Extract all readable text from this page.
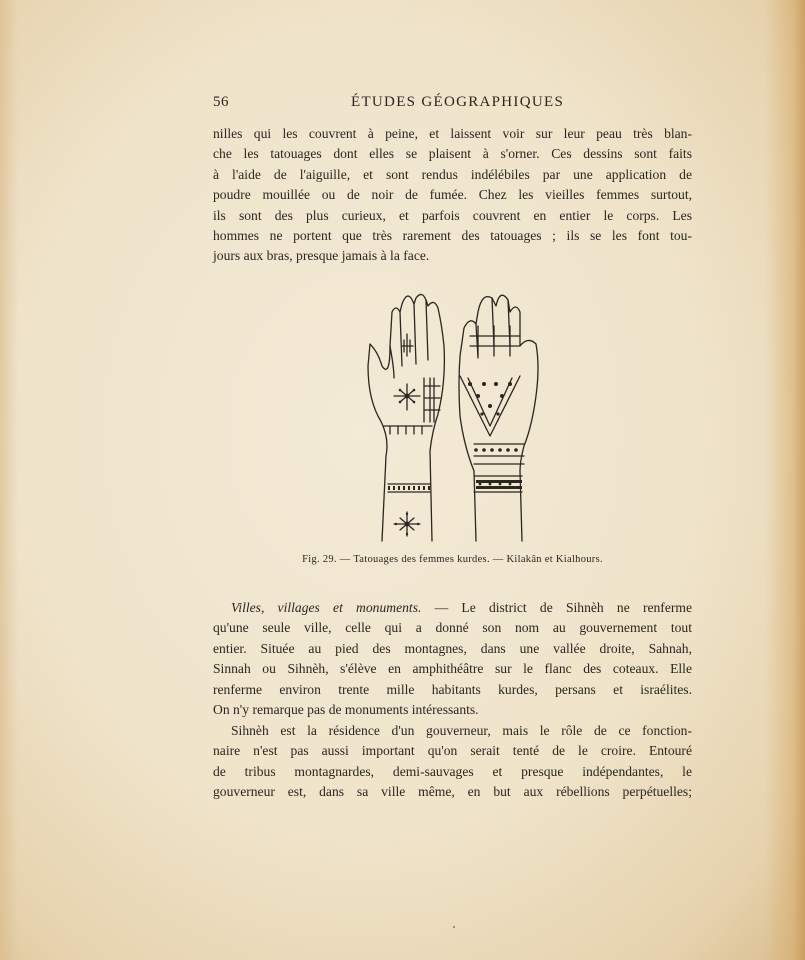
56	ÉTUDES GÉOGRAPHIQUES
nilles qui les couvrent à peine, et laissent voir sur leur peau très blan-
che les tatouages dont elles se plaisent à s'orner. Ces dessins sont faits
à l'aide de l'aiguille, et sont rendus indélébiles par une application de
poudre mouillée ou de noir de fumée. Chez les vieilles femmes surtout,
ils sont des plus curieux, et parfois couvrent en entier le corps. Les
hommes ne portent que très rarement des tatouages ; ils se les font tou-
jours aux bras, presque jamais à la face.
Fig. 29. — Tatouages des femmes kurdes. — Kilakân et Kialhours.
Villes, villages et monuments. — Le district de Sihnèh ne renferme
qu'une seule ville, celle qui a donné son nom au gouvernement tout
entier. Située au pied des montagnes, dans une vallée droite, Sahnah,
Sinnah ou Sihnèh, s'élève en amphithéâtre sur le flanc des coteaux. Elle
renferme environ trente mille habitants kurdes, persans et israélites.
On n'y remarque pas de monuments intéressants.
Sihnèh est la résidence d'un gouverneur, mais le rôle de ce fonction-
naire n'est pas aussi important qu'on serait tenté de le croire. Entouré
de tribus montagnardes, demi-sauvages et presque indépendantes, le
gouverneur est, dans sa ville même, en but aux rébellions perpétuelles;
